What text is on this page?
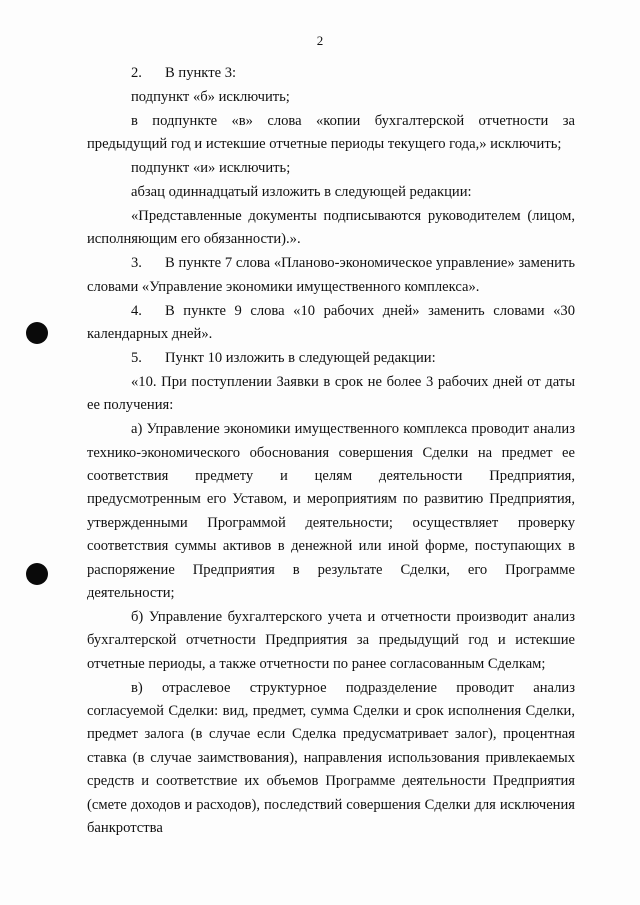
2

2. В пункте 3:

подпункт «б» исключить;

в подпункте «в» слова «копии бухгалтерской отчетности за предыдущий год и истекшие отчетные периоды текущего года,» исключить;

подпункт «и» исключить;

абзац одиннадцатый изложить в следующей редакции:

«Представленные документы подписываются руководителем (лицом, исполняющим его обязанности).».

3. В пункте 7 слова «Планово-экономическое управление» заменить словами «Управление экономики имущественного комплекса».

4. В пункте 9 слова «10 рабочих дней» заменить словами «30 календарных дней».

5. Пункт 10 изложить в следующей редакции:

«10. При поступлении Заявки в срок не более 3 рабочих дней от даты ее получения:

а) Управление экономики имущественного комплекса проводит анализ технико-экономического обоснования совершения Сделки на предмет ее соответствия предмету и целям деятельности Предприятия, предусмотренным его Уставом, и мероприятиям по развитию Предприятия, утвержденными Программой деятельности; осуществляет проверку соответствия суммы активов в денежной или иной форме, поступающих в распоряжение Предприятия в результате Сделки, его Программе деятельности;

б) Управление бухгалтерского учета и отчетности производит анализ бухгалтерской отчетности Предприятия за предыдущий год и истекшие отчетные периоды, а также отчетности по ранее согласованным Сделкам;

в) отраслевое структурное подразделение проводит анализ согласуемой Сделки: вид, предмет, сумма Сделки и срок исполнения Сделки, предмет залога (в случае если Сделка предусматривает залог), процентная ставка (в случае заимствования), направления использования привлекаемых средств и соответствие их объемов Программе деятельности Предприятия (смете доходов и расходов), последствий совершения Сделки для исключения банкротства
